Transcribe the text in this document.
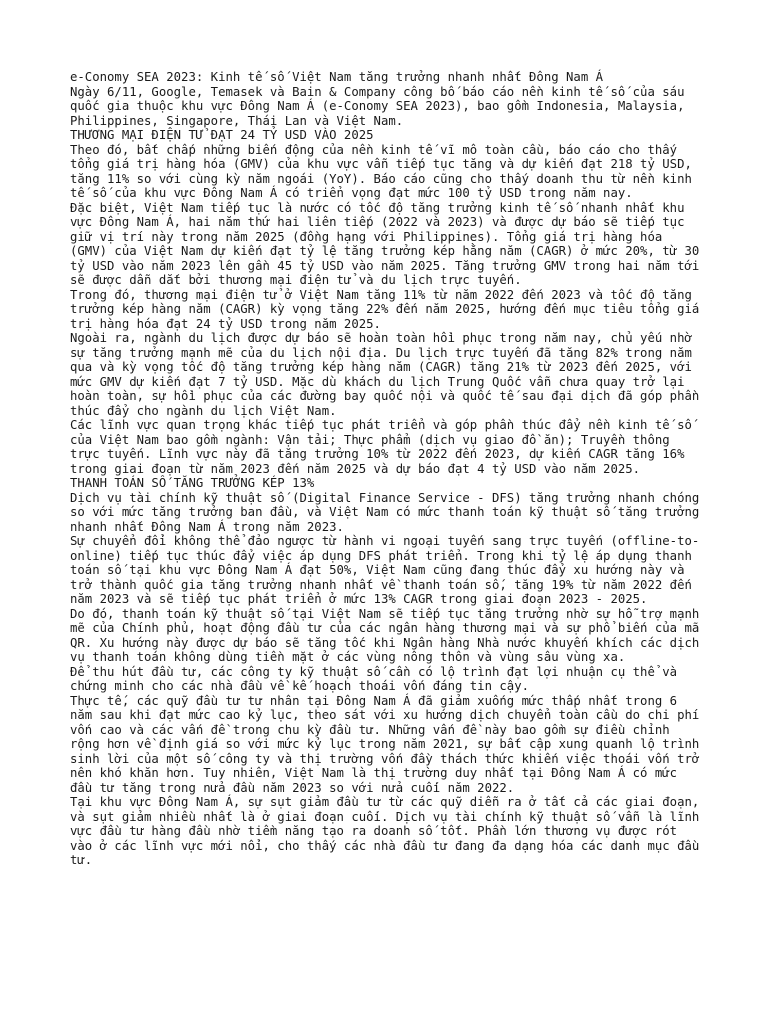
e-Conomy SEA 2023: Kinh tế số Việt Nam tăng trưởng nhanh nhất Đông Nam Á

Ngày 6/11, Google, Temasek và Bain & Company công bố báo cáo nền kinh tế số của sáu quốc gia thuộc khu vực Đông Nam Á (e-Conomy SEA 2023), bao gồm Indonesia, Malaysia, Philippines, Singapore, Thái Lan và Việt Nam.

THƯƠNG MẠI ĐIỆN TỬ ĐẠT 24 TỶ USD VÀO 2025

Theo đó, bất chấp những biến động của nền kinh tế vĩ mô toàn cầu, báo cáo cho thấy tổng giá trị hàng hóa (GMV) của khu vực vẫn tiếp tục tăng và dự kiến đạt 218 tỷ USD, tăng 11% so với cùng kỳ năm ngoái (YoY). Báo cáo cũng cho thấy doanh thu từ nền kinh tế số của khu vực Đông Nam Á có triển vọng đạt mức 100 tỷ USD trong năm nay.

Đặc biệt, Việt Nam tiếp tục là nước có tốc độ tăng trưởng kinh tế số nhanh nhất khu vực Đông Nam Á, hai năm thứ hai liên tiếp (2022 và 2023) và được dự báo sẽ tiếp tục giữ vị trí này trong năm 2025 (đồng hạng với Philippines). Tổng giá trị hàng hóa (GMV) của Việt Nam dự kiến đạt tỷ lệ tăng trưởng kép hằng năm (CAGR) ở mức 20%, từ 30 tỷ USD vào năm 2023 lên gần 45 tỷ USD vào năm 2025. Tăng trưởng GMV trong hai năm tới sẽ được dẫn dắt bởi thương mại điện tử và du lịch trực tuyến.

Trong đó, thương mại điện tử ở Việt Nam tăng 11% từ năm 2022 đến 2023 và tốc độ tăng trưởng kép hàng năm (CAGR) kỳ vọng tăng 22% đến năm 2025, hướng đến mục tiêu tổng giá trị hàng hóa đạt 24 tỷ USD trong năm 2025.

Ngoài ra, ngành du lịch được dự báo sẽ hoàn toàn hồi phục trong năm nay, chủ yếu nhờ sự tăng trưởng mạnh mẽ của du lịch nội địa. Du lịch trực tuyến đã tăng 82% trong năm qua và kỳ vọng tốc độ tăng trưởng kép hàng năm (CAGR) tăng 21% từ 2023 đến 2025, với mức GMV dự kiến đạt 7 tỷ USD. Mặc dù khách du lịch Trung Quốc vẫn chưa quay trở lại hoàn toàn, sự hồi phục của các đường bay quốc nội và quốc tế sau đại dịch đã góp phần thúc đẩy cho ngành du lịch Việt Nam.

Các lĩnh vực quan trọng khác tiếp tục phát triển và góp phần thúc đẩy nền kinh tế số của Việt Nam bao gồm ngành: Vận tải; Thực phẩm (dịch vụ giao đồ ăn); Truyền thông trực tuyến. Lĩnh vực này đã tăng trưởng 10% từ 2022 đến 2023, dự kiến CAGR tăng 16% trong giai đoạn từ năm 2023 đến năm 2025 và dự báo đạt 4 tỷ USD vào năm 2025.

THANH TOÁN SỐ TĂNG TRƯỞNG KÉP 13%

Dịch vụ tài chính kỹ thuật số (Digital Finance Service - DFS) tăng trưởng nhanh chóng so với mức tăng trưởng ban đầu, và Việt Nam có mức thanh toán kỹ thuật số tăng trưởng nhanh nhất Đông Nam Á trong năm 2023.

Sự chuyển đổi không thể đảo ngược từ hành vi ngoại tuyến sang trực tuyến (offline-to-online) tiếp tục thúc đẩy việc áp dụng DFS phát triển. Trong khi tỷ lệ áp dụng thanh toán số tại khu vực Đông Nam Á đạt 50%, Việt Nam cũng đang thúc đẩy xu hướng này và trở thành quốc gia tăng trưởng nhanh nhất về thanh toán số, tăng 19% từ năm 2022 đến năm 2023 và sẽ tiếp tục phát triển ở mức 13% CAGR trong giai đoạn 2023 - 2025.

Do đó, thanh toán kỹ thuật số tại Việt Nam sẽ tiếp tục tăng trưởng nhờ sự hỗ trợ mạnh mẽ của Chính phủ, hoạt động đầu tư của các ngân hàng thương mại và sự phổ biến của mã QR. Xu hướng này được dự báo sẽ tăng tốc khi Ngân hàng Nhà nước khuyến khích các dịch vụ thanh toán không dùng tiền mặt ở các vùng nông thôn và vùng sâu vùng xa.

Để thu hút đầu tư, các công ty kỹ thuật số cần có lộ trình đạt lợi nhuận cụ thể và chứng minh cho các nhà đầu về kế hoạch thoái vốn đáng tin cậy.

Thực tế, các quỹ đầu tư tư nhân tại Đông Nam Á đã giảm xuống mức thấp nhất trong 6 năm sau khi đạt mức cao kỷ lục, theo sát với xu hướng dịch chuyển toàn cầu do chi phí vốn cao và các vấn đề trong chu kỳ đầu tư. Những vấn đề này bao gồm sự điều chỉnh rộng hơn về định giá so với mức kỷ lục trong năm 2021, sự bất cập xung quanh lộ trình sinh lời của một số công ty và thị trường vốn đầy thách thức khiến việc thoái vốn trở nên khó khăn hơn. Tuy nhiên, Việt Nam là thị trường duy nhất tại Đông Nam Á có mức đầu tư tăng trong nửa đầu năm 2023 so với nửa cuối năm 2022.

Tại khu vực Đông Nam Á, sự sụt giảm đầu tư từ các quỹ diễn ra ở tất cả các giai đoạn, và sụt giảm nhiều nhất là ở giai đoạn cuối. Dịch vụ tài chính kỹ thuật số vẫn là lĩnh vực đầu tư hàng đầu nhờ tiềm năng tạo ra doanh số tốt. Phần lớn thương vụ được rót vào ở các lĩnh vực mới nổi, cho thấy các nhà đầu tư đang đa dạng hóa các danh mục đầu tư.
